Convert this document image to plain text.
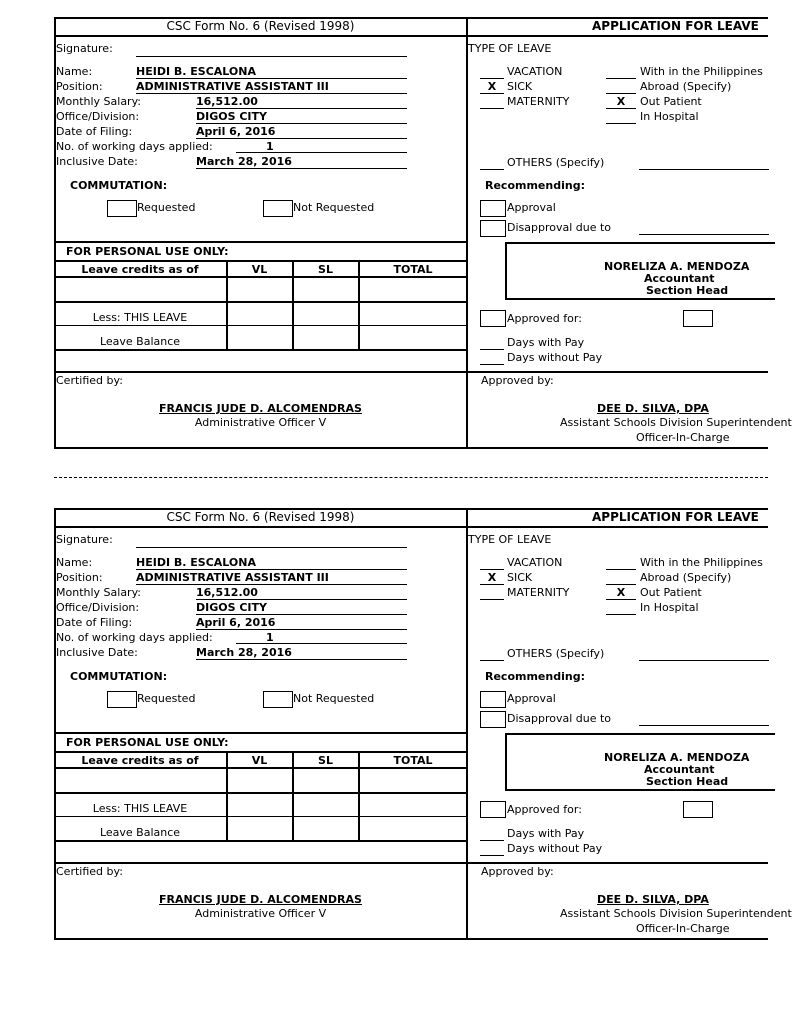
CSC Form No. 6 (Revised 1998)	APPLICATION FOR LEAVE
Signature:
Name:	HEIDI B. ESCALONA
Position:	ADMINISTRATIVE ASSISTANT III
Monthly Salary:	16,512.00
Office/Division:	DIGOS CITY
Date of Filing:	April 6, 2016
No. of working days applied:	1
Inclusive Date:	March 28, 2016
COMMUTATION:
Requested	Not Requested
FOR PERSONAL USE ONLY:
Leave credits as of	VL	SL	TOTAL
Less: THIS LEAVE
Leave Balance
Certified by:
FRANCIS JUDE D. ALCOMENDRAS
Administrative Officer V
TYPE OF LEAVE
VACATION
X SICK
MATERNITY
With in the Philippines
Abroad (Specify)
X	Out Patient
In Hospital
OTHERS (Specify)
Recommending:
Approval
Disapproval due to
NORELIZA A. MENDOZA
Accountant
Section Head
Approved for:
Days with Pay
Days without Pay
Approved by:
DEE D. SILVA, DPA
Assistant Schools Division Superintendent
Officer-In-Charge
CSC Form No. 6 (Revised 1998)	APPLICATION FOR LEAVE
Signature:
Name:	HEIDI B. ESCALONA
Position:	ADMINISTRATIVE ASSISTANT III
Monthly Salary:	16,512.00
Office/Division:	DIGOS CITY
Date of Filing:	April 6, 2016
No. of working days applied:	1
Inclusive Date:	March 28, 2016
COMMUTATION:
Requested	Not Requested
FOR PERSONAL USE ONLY:
Leave credits as of	VL	SL	TOTAL
Less: THIS LEAVE
Leave Balance
Certified by:
FRANCIS JUDE D. ALCOMENDRAS
Administrative Officer V
TYPE OF LEAVE
VACATION
X SICK
MATERNITY
With in the Philippines
Abroad (Specify)
X	Out Patient
In Hospital
OTHERS (Specify)
Recommending:
Approval
Disapproval due to
NORELIZA A. MENDOZA
Accountant
Section Head
Approved for:
Days with Pay
Days without Pay
Approved by:
DEE D. SILVA, DPA
Assistant Schools Division Superintendent
Officer-In-Charge
